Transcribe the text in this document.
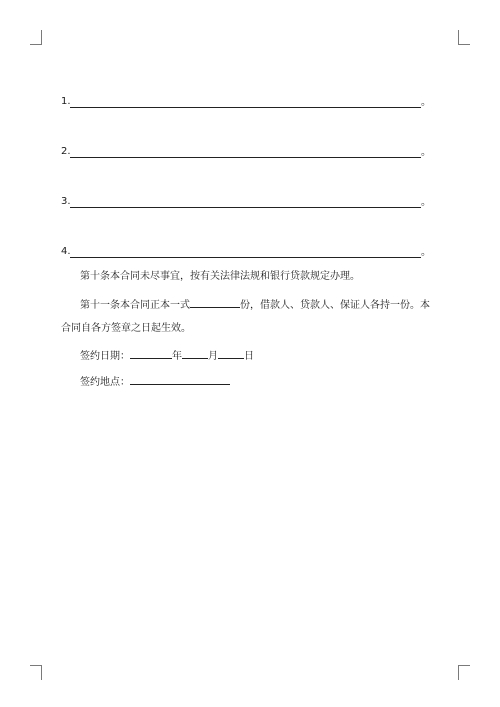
1.	。
2.	。
3.	。
4.	。
第十条本合同未尽事宜，按有关法律法规和银行贷款规定办理。
第十一条本合同正本一式	份，借款人、贷款人、保证人各持一份。本
合同自各方签章之日起生效。
签约日期：	年	月	日
签约地点：
